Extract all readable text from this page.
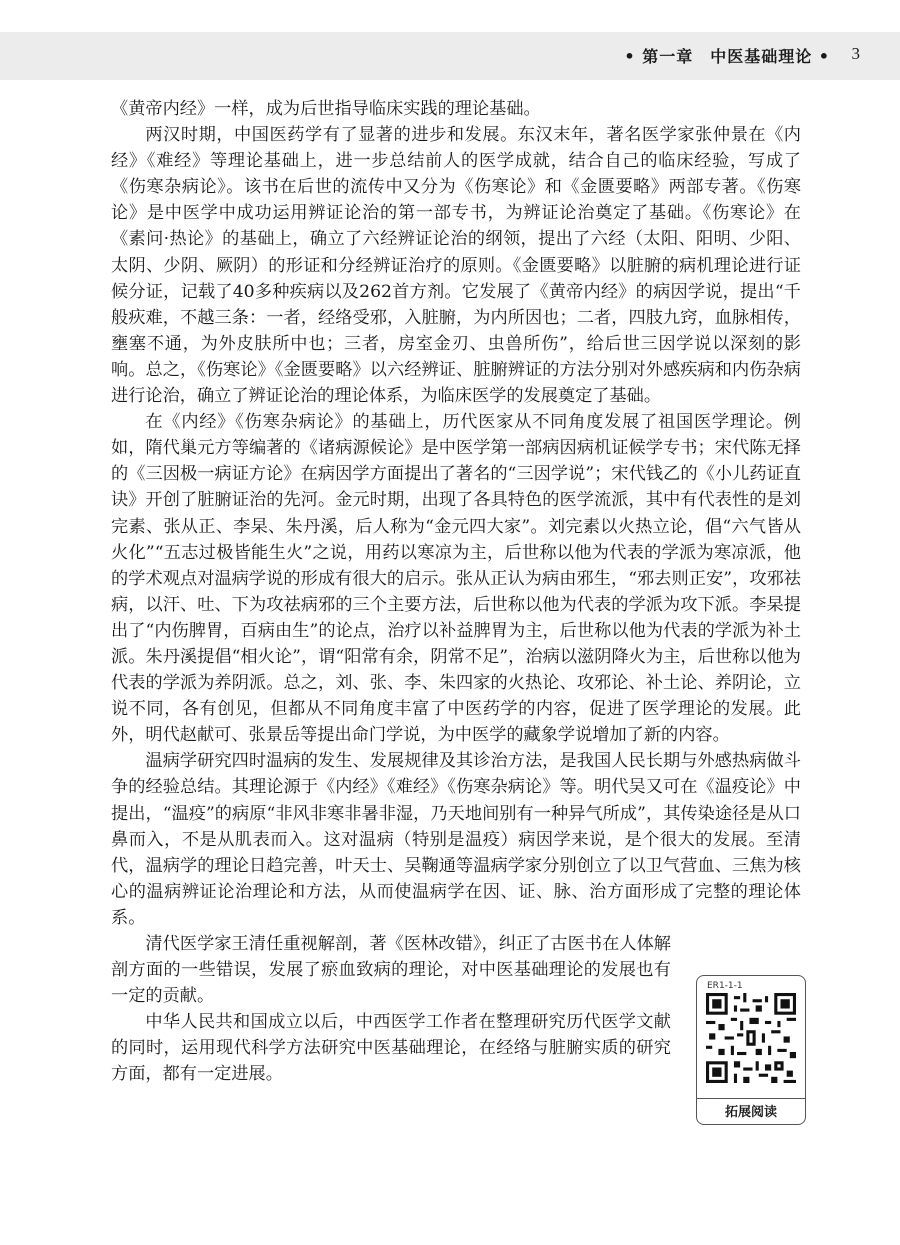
• 第一章　中医基础理论 • 3

《黄帝内经》一样，成为后世指导临床实践的理论基础。

两汉时期，中国医药学有了显著的进步和发展。东汉末年，著名医学家张仲景在《内经》《难经》等理论基础上，进一步总结前人的医学成就，结合自己的临床经验，写成了《伤寒杂病论》。该书在后世的流传中又分为《伤寒论》和《金匮要略》两部专著。《伤寒论》是中医学中成功运用辨证论治的第一部专书，为辨证论治奠定了基础。《伤寒论》在《素问·热论》的基础上，确立了六经辨证论治的纲领，提出了六经（太阳、阳明、少阳、太阴、少阴、厥阴）的形证和分经辨证治疗的原则。《金匮要略》以脏腑的病机理论进行证候分证，记载了40多种疾病以及262首方剂。它发展了《黄帝内经》的病因学说，提出“千般疢难，不越三条：一者，经络受邪，入脏腑，为内所因也；二者，四肢九窍，血脉相传，壅塞不通，为外皮肤所中也；三者，房室金刃、虫兽所伤”，给后世三因学说以深刻的影响。总之，《伤寒论》《金匮要略》以六经辨证、脏腑辨证的方法分别对外感疾病和内伤杂病进行论治，确立了辨证论治的理论体系，为临床医学的发展奠定了基础。

在《内经》《伤寒杂病论》的基础上，历代医家从不同角度发展了祖国医学理论。例如，隋代巢元方等编著的《诸病源候论》是中医学第一部病因病机证候学专书；宋代陈无择的《三因极一病证方论》在病因学方面提出了著名的“三因学说”；宋代钱乙的《小儿药证直诀》开创了脏腑证治的先河。金元时期，出现了各具特色的医学流派，其中有代表性的是刘完素、张从正、李杲、朱丹溪，后人称为“金元四大家”。刘完素以火热立论，倡“六气皆从火化”“五志过极皆能生火”之说，用药以寒凉为主，后世称以他为代表的学派为寒凉派，他的学术观点对温病学说的形成有很大的启示。张从正认为病由邪生，“邪去则正安”，攻邪祛病，以汗、吐、下为攻祛病邪的三个主要方法，后世称以他为代表的学派为攻下派。李杲提出了“内伤脾胃，百病由生”的论点，治疗以补益脾胃为主，后世称以他为代表的学派为补土派。朱丹溪提倡“相火论”，谓“阳常有余，阴常不足”，治病以滋阴降火为主，后世称以他为代表的学派为养阴派。总之，刘、张、李、朱四家的火热论、攻邪论、补土论、养阴论，立说不同，各有创见，但都从不同角度丰富了中医药学的内容，促进了医学理论的发展。此外，明代赵献可、张景岳等提出命门学说，为中医学的藏象学说增加了新的内容。

温病学研究四时温病的发生、发展规律及其诊治方法，是我国人民长期与外感热病做斗争的经验总结。其理论源于《内经》《难经》《伤寒杂病论》等。明代吴又可在《温疫论》中提出，“温疫”的病原“非风非寒非暑非湿，乃天地间别有一种异气所成”，其传染途径是从口鼻而入，不是从肌表而入。这对温病（特别是温疫）病因学来说，是个很大的发展。至清代，温病学的理论日趋完善，叶天士、吴鞠通等温病学家分别创立了以卫气营血、三焦为核心的温病辨证论治理论和方法，从而使温病学在因、证、脉、治方面形成了完整的理论体系。

清代医学家王清任重视解剖，著《医林改错》，纠正了古医书在人体解剖方面的一些错误，发展了瘀血致病的理论，对中医基础理论的发展也有一定的贡献。

中华人民共和国成立以后，中西医学工作者在整理研究历代医学文献的同时，运用现代科学方法研究中医基础理论，在经络与脏腑实质的研究方面，都有一定进展。

ER1-1-1
拓展阅读
